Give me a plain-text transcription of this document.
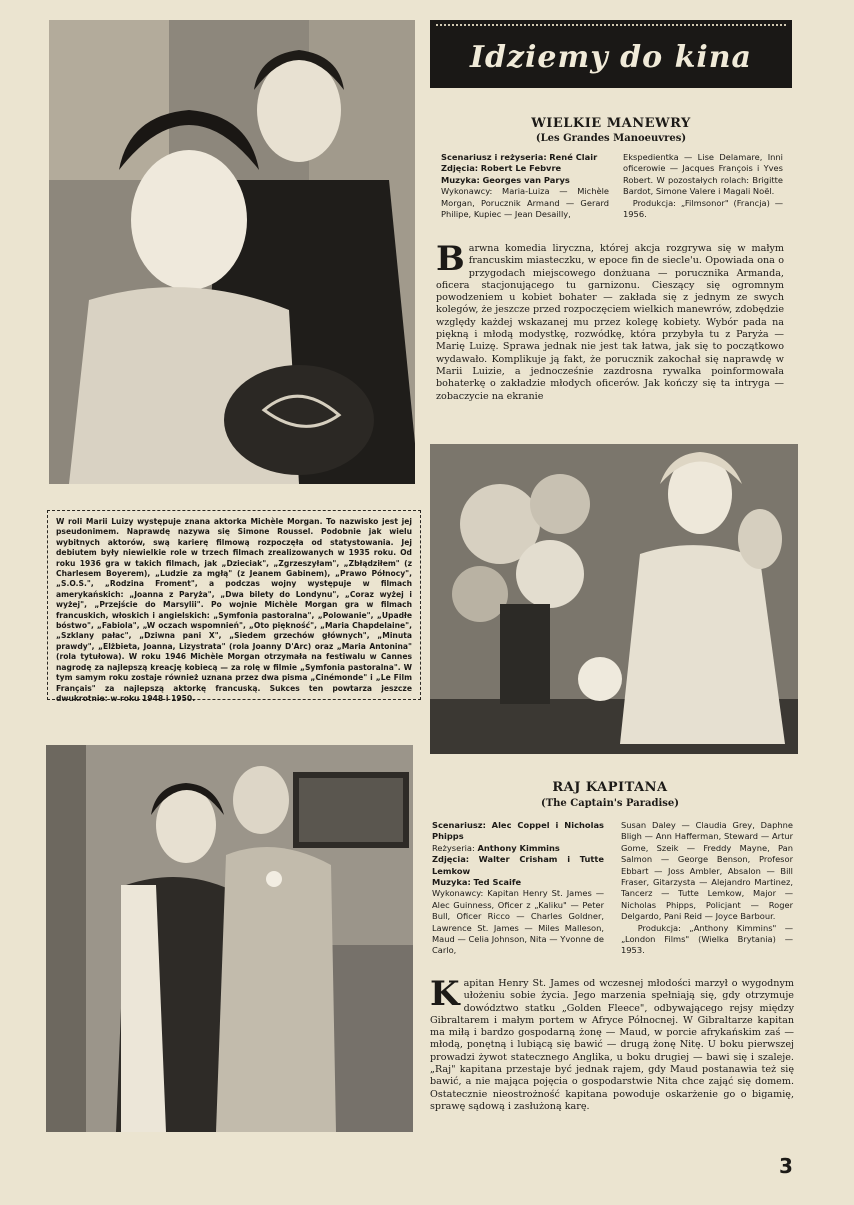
Idziemy do kina
WIELKIE MANEWRY
(Les Grandes Manoeuvres)

Scenariusz i reżyseria: René Clair

Zdjęcia: Robert Le Febvre

Muzyka: Georges van Parys

Wykonawcy: Maria-Luiza — Michèle Morgan, Porucznik Armand — Gerard Philipe, Kupiec — Jean Desailly,

Ekspedientka — Lise Delamare, Inni oficerowie — Jacques François i Yves Robert. W pozostałych rolach: Brigitte Bardot, Simone Valere i Magali Noël.

Produkcja: „Filmsonor" (Francja) — 1956.

Barwna komedia liryczna, której akcja rozgrywa się w małym francuskim miasteczku, w epoce fin de siecle'u. Opowiada ona o przygodach miejscowego donżuana — porucznika Armanda, oficera stacjonującego tu garnizonu. Cieszący się ogromnym powodzeniem u kobiet bohater — zakłada się z jednym ze swych kolegów, że jeszcze przed rozpoczęciem wielkich manewrów, zdobędzie względy każdej wskazanej mu przez kolegę kobiety. Wybór pada na piękną i młodą modystkę, rozwódkę, która przybyła tu z Paryża — Marię Luizę. Sprawa jednak nie jest tak łatwa, jak się to początkowo wydawało. Komplikuje ją fakt, że porucznik zakochał się naprawdę w Marii Luizie, a jednocześnie zazdrosna rywalka poinformowała bohaterkę o zakładzie młodych oficerów. Jak kończy się ta intryga — zobaczycie na ekranie
W roli Marii Luizy występuje znana aktorka Michèle Morgan. To nazwisko jest jej pseudonimem. Naprawdę nazywa się Simone Roussel. Podobnie jak wielu wybitnych aktorów, swą karierę filmową rozpoczęła od statystowania. Jej debiutem były niewielkie role w trzech filmach zrealizowanych w 1935 roku. Od roku 1936 gra w takich filmach, jak „Dzieciak", „Zgrzeszyłam", „Zbłądziłem" (z Charlesem Boyerem), „Ludzie za mgłą" (z Jeanem Gabinem), „Prawo Północy", „S.O.S.", „Rodzina Froment", a podczas wojny występuje w filmach amerykańskich: „Joanna z Paryża", „Dwa bilety do Londynu", „Coraz wyżej i wyżej", „Przejście do Marsylii". Po wojnie Michèle Morgan gra w filmach francuskich, włoskich i angielskich: „Symfonia pastoralna", „Polowanie", „Upadłe bóstwo", „Fabiola", „W oczach wspomnień", „Oto piękność", „Maria Chapdelaine", „Szklany pałac", „Dziwna pani X", „Siedem grzechów głównych", „Minuta prawdy", „Elżbieta, Joanna, Lizystrata" (rola Joanny D'Arc) oraz „Maria Antonina" (rola tytułowa). W roku 1946 Michèle Morgan otrzymała na festiwalu w Cannes nagrodę za najlepszą kreację kobiecą — za rolę w filmie „Symfonia pastoralna". W tym samym roku zostaje również uznana przez dwa pisma „Cinémonde" i „Le Film Français" za najlepszą aktorkę francuską. Sukces ten powtarza jeszcze dwukrotnie: w roku 1948 i 1950.
RAJ KAPITANA
(The Captain's Paradise)

Scenariusz: Alec Coppel i Nicholas Phipps

Reżyseria: Anthony Kimmins

Zdjęcia: Walter Crisham i Tutte Lemkow

Muzyka: Ted Scaife

Wykonawcy: Kapitan Henry St. James — Alec Guinness, Oficer z „Kaliku" — Peter Bull, Oficer Ricco — Charles Goldner, Lawrence St. James — Miles Malleson, Maud — Celia Johnson, Nita — Yvonne de Carlo,

Susan Daley — Claudia Grey, Daphne Bligh — Ann Hafferman, Steward — Artur Gome, Szeik — Freddy Mayne, Pan Salmon — George Benson, Profesor Ebbart — Joss Ambler, Absalon — Bill Fraser, Gitarzysta — Alejandro Martinez, Tancerz — Tutte Lemkow, Major — Nicholas Phipps, Policjant — Roger Delgardo, Pani Reid — Joyce Barbour.

Produkcja: „Anthony Kimmins" — „London Films" (Wielka Brytania) — 1953.

Kapitan Henry St. James od wczesnej młodości marzył o wygodnym ułożeniu sobie życia. Jego marzenia spełniają się, gdy otrzymuje dowództwo statku „Golden Fleece", odbywającego rejsy między Gibraltarem i małym portem w Afryce Północnej. W Gibraltarze kapitan ma miłą i bardzo gospodarną żonę — Maud, w porcie afrykańskim zaś — młodą, ponętną i lubiącą się bawić — drugą żonę Nitę. U boku pierwszej prowadzi żywot statecznego Anglika, u boku drugiej — bawi się i szaleje. „Raj" kapitana przestaje być jednak rajem, gdy Maud postanawia też się bawić, a nie mająca pojęcia o gospodarstwie Nita chce zająć się domem. Ostatecznie nieostrożność kapitana powoduje oskarżenie go o bigamię, sprawę sądową i zasłużoną karę.
3
